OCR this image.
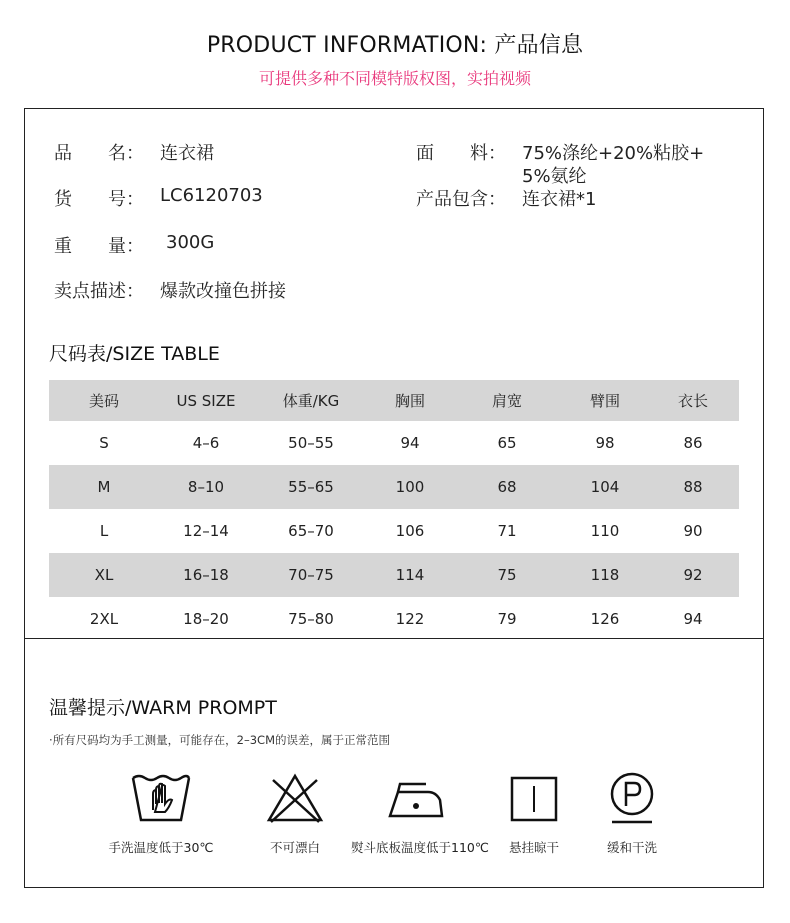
PRODUCT INFORMATION: 产品信息
可提供多种不同模特版权图，实拍视频
品　　名： 连衣裙
货　　号： LC6120703
重　　量： 300G
卖点描述： 爆款改撞色拼接
面　　料： 75%涤纶+20%粘胶+
5%氨纶
产品包含： 连衣裙*1
尺码表/SIZE TABLE
美码	US SIZE	体重/KG	胸围	肩宽	臂围	衣长
S	4–6	50–55	94	65	98	86
M	8–10	55–65	100	68	104	88
L	12–14	65–70	106	71	110	90
XL	16–18	70–75	114	75	118	92
2XL	18–20	75–80	122	79	126	94
温馨提示/WARM PROMPT
·所有尺码均为手工测量，可能存在，2–3CM的误差，属于正常范围
手洗温度低于30℃	不可漂白	熨斗底板温度低于110℃	悬挂晾干	缓和干洗
